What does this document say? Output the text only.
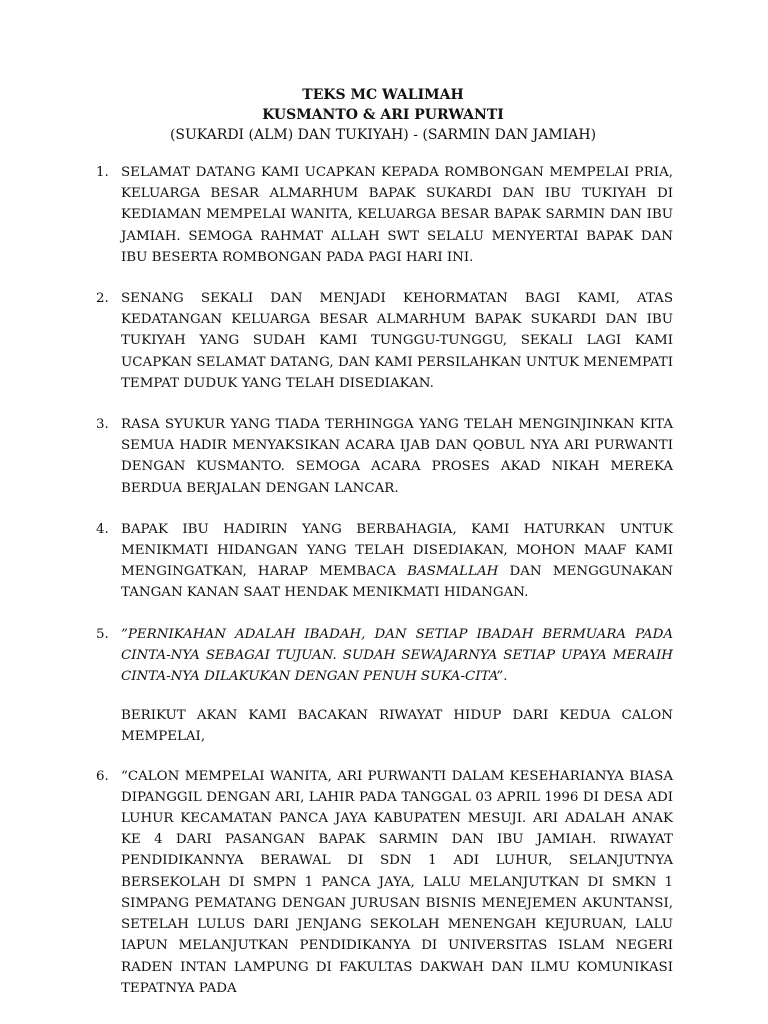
TEKS MC WALIMAH
KUSMANTO & ARI PURWANTI
(SUKARDI (ALM) DAN TUKIYAH) - (SARMIN DAN JAMIAH)
1. SELAMAT DATANG KAMI UCAPKAN KEPADA ROMBONGAN MEMPELAI PRIA, KELUARGA BESAR ALMARHUM BAPAK SUKARDI DAN IBU TUKIYAH DI KEDIAMAN MEMPELAI WANITA, KELUARGA BESAR BAPAK SARMIN DAN IBU JAMIAH. SEMOGA RAHMAT ALLAH SWT SELALU MENYERTAI BAPAK DAN IBU BESERTA ROMBONGAN PADA PAGI HARI INI.
2. SENANG SEKALI DAN MENJADI KEHORMATAN BAGI KAMI, ATAS KEDATANGAN KELUARGA BESAR ALMARHUM BAPAK SUKARDI DAN IBU TUKIYAH YANG SUDAH KAMI TUNGGU-TUNGGU, SEKALI LAGI KAMI UCAPKAN SELAMAT DATANG, DAN KAMI PERSILAHKAN UNTUK MENEMPATI TEMPAT DUDUK YANG TELAH DISEDIAKAN.
3. RASA SYUKUR YANG TIADA TERHINGGA YANG TELAH MENGINJINKAN KITA SEMUA HADIR MENYAKSIKAN ACARA IJAB DAN QOBUL NYA ARI PURWANTI DENGAN KUSMANTO. SEMOGA ACARA PROSES AKAD NIKAH MEREKA BERDUA BERJALAN DENGAN LANCAR.
4. BAPAK IBU HADIRIN YANG BERBAHAGIA, KAMI HATURKAN UNTUK MENIKMATI HIDANGAN YANG TELAH DISEDIAKAN, MOHON MAAF KAMI MENGINGATKAN, HARAP MEMBACA BASMALLAH DAN MENGGUNAKAN TANGAN KANAN SAAT HENDAK MENIKMATI HIDANGAN.
5. ”PERNIKAHAN ADALAH IBADAH, DAN SETIAP IBADAH BERMUARA PADA CINTA-NYA SEBAGAI TUJUAN. SUDAH SEWAJARNYA SETIAP UPAYA MERAIH CINTA-NYA DILAKUKAN DENGAN PENUH SUKA-CITA”.
BERIKUT AKAN KAMI BACAKAN RIWAYAT HIDUP DARI KEDUA CALON MEMPELAI,
6. “CALON MEMPELAI WANITA, ARI PURWANTI DALAM KESEHARIANYA BIASA DIPANGGIL DENGAN ARI, LAHIR PADA TANGGAL 03 APRIL 1996 DI DESA ADI LUHUR KECAMATAN PANCA JAYA KABUPATEN MESUJI. ARI ADALAH ANAK KE 4 DARI PASANGAN BAPAK SARMIN DAN IBU JAMIAH. RIWAYAT PENDIDIKANNYA BERAWAL DI SDN 1 ADI LUHUR, SELANJUTNYA BERSEKOLAH DI SMPN 1 PANCA JAYA, LALU MELANJUTKAN DI SMKN 1 SIMPANG PEMATANG DENGAN JURUSAN BISNIS MENEJEMEN AKUNTANSI, SETELAH LULUS DARI JENJANG SEKOLAH MENENGAH KEJURUAN, LALU IAPUN MELANJUTKAN PENDIDIKANYA DI UNIVERSITAS ISLAM NEGERI RADEN INTAN LAMPUNG DI FAKULTAS DAKWAH DAN ILMU KOMUNIKASI TEPATNYA PADA
